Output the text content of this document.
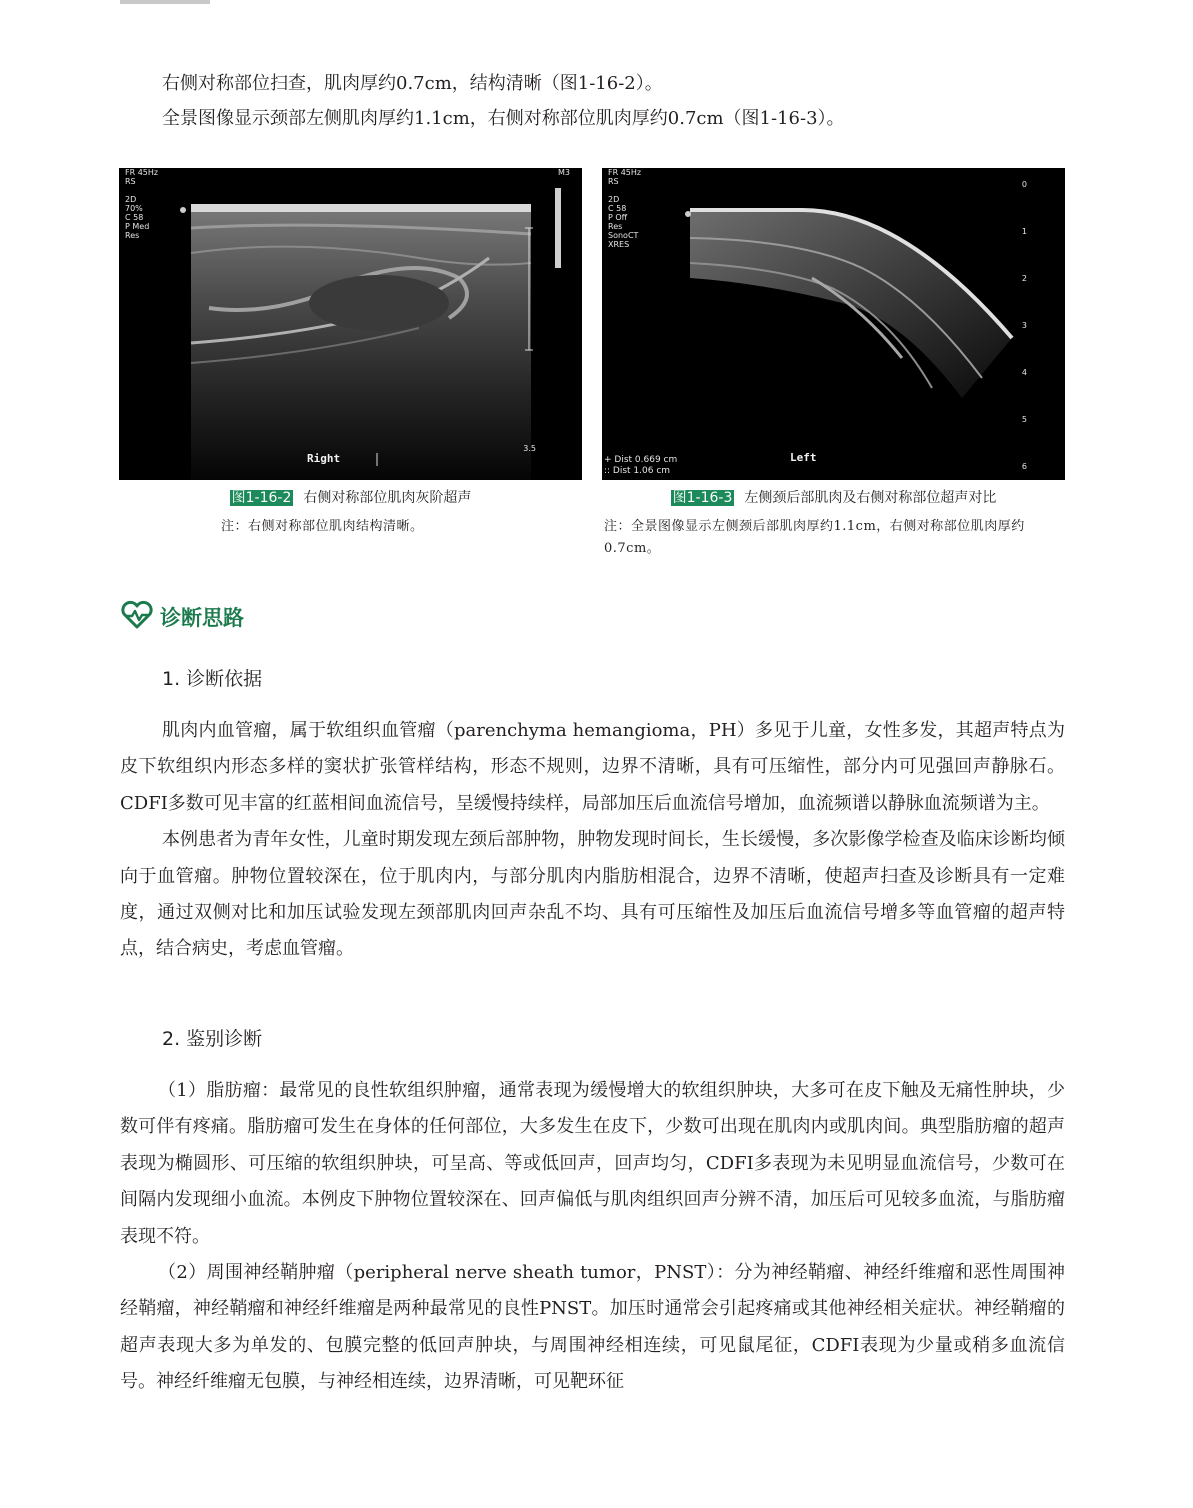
右侧对称部位扫查，肌肉厚约0.7cm，结构清晰（图1-16-2）。

全景图像显示颈部左侧肌肉厚约1.1cm，右侧对称部位肌肉厚约0.7cm（图1-16-3）。

FR 45Hz
RS
2D
70%
C 58
P Med
Res
M3
3.5
Right
图1-16-2 右侧对称部位肌肉灰阶超声
注：右侧对称部位肌肉结构清晰。
FR 45Hz
RS
2D
C 58
P Off
Res
SonoCT
XRES
0
1
2
3
4
5
6
+ Dist 0.669 cm
:: Dist 1.06 cm
Left
图1-16-3 左侧颈后部肌肉及右侧对称部位超声对比
注：全景图像显示左侧颈后部肌肉厚约1.1cm，右侧对称部位肌肉厚约0.7cm。
诊断思路
1. 诊断依据

肌肉内血管瘤，属于软组织血管瘤（parenchyma hemangioma，PH）多见于儿童，女性多发，其超声特点为皮下软组织内形态多样的窦状扩张管样结构，形态不规则，边界不清晰，具有可压缩性，部分内可见强回声静脉石。CDFI多数可见丰富的红蓝相间血流信号，呈缓慢持续样，局部加压后血流信号增加，血流频谱以静脉血流频谱为主。

本例患者为青年女性，儿童时期发现左颈后部肿物，肿物发现时间长，生长缓慢，多次影像学检查及临床诊断均倾向于血管瘤。肿物位置较深在，位于肌肉内，与部分肌肉内脂肪相混合，边界不清晰，使超声扫查及诊断具有一定难度，通过双侧对比和加压试验发现左颈部肌肉回声杂乱不均、具有可压缩性及加压后血流信号增多等血管瘤的超声特点，结合病史，考虑血管瘤。

2. 鉴别诊断

（1）脂肪瘤：最常见的良性软组织肿瘤，通常表现为缓慢增大的软组织肿块，大多可在皮下触及无痛性肿块，少数可伴有疼痛。脂肪瘤可发生在身体的任何部位，大多发生在皮下，少数可出现在肌肉内或肌肉间。典型脂肪瘤的超声表现为椭圆形、可压缩的软组织肿块，可呈高、等或低回声，回声均匀，CDFI多表现为未见明显血流信号，少数可在间隔内发现细小血流。本例皮下肿物位置较深在、回声偏低与肌肉组织回声分辨不清，加压后可见较多血流，与脂肪瘤表现不符。

（2）周围神经鞘肿瘤（peripheral nerve sheath tumor，PNST）：分为神经鞘瘤、神经纤维瘤和恶性周围神经鞘瘤，神经鞘瘤和神经纤维瘤是两种最常见的良性PNST。加压时通常会引起疼痛或其他神经相关症状。神经鞘瘤的超声表现大多为单发的、包膜完整的低回声肿块，与周围神经相连续，可见鼠尾征，CDFI表现为少量或稍多血流信号。神经纤维瘤无包膜，与神经相连续，边界清晰，可见靶环征
